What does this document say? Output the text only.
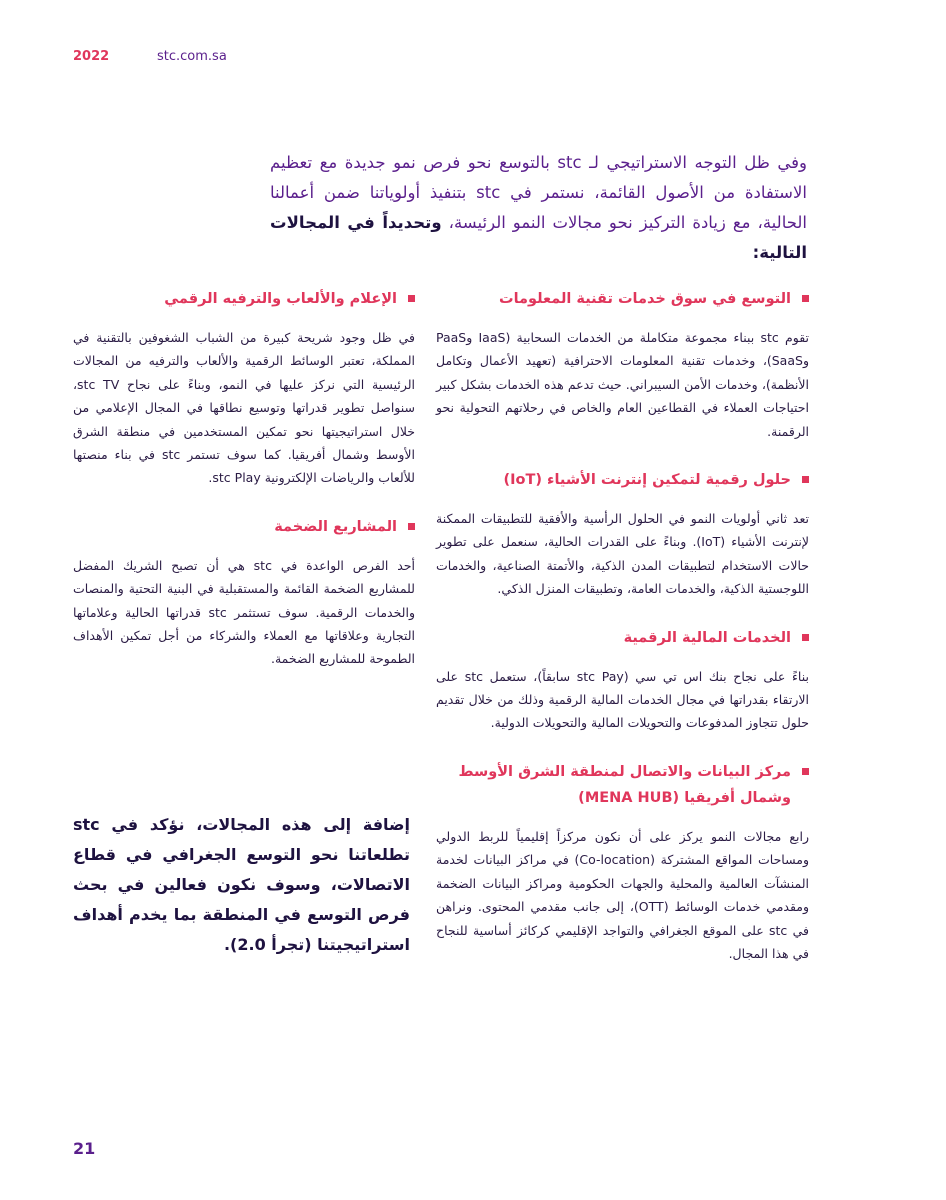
2022	stc.com.sa

وفي ظل التوجه الاستراتيجي لـ stc بالتوسع نحو فرص نمو جديدة مع تعظيم الاستفادة من الأصول القائمة، نستمر في stc بتنفيذ أولوياتنا ضمن أعمالنا الحالية، مع زيادة التركيز نحو مجالات النمو الرئيسة، وتحديداً في المجالات التالية:

التوسع في سوق خدمات تقنية المعلومات

تقوم stc ببناء مجموعة متكاملة من الخدمات السحابية (IaaS وPaaS وSaaS)، وخدمات تقنية المعلومات الاحترافية (تعهيد الأعمال وتكامل الأنظمة)، وخدمات الأمن السيبراني. حيث تدعم هذه الخدمات بشكل كبير احتياجات العملاء في القطاعين العام والخاص في رحلاتهم التحولية نحو الرقمنة.

حلول رقمية لتمكين إنترنت الأشياء (IoT)

تعد ثاني أولويات النمو في الحلول الرأسية والأفقية للتطبيقات الممكنة لإنترنت الأشياء (IoT). وبناءً على القدرات الحالية، سنعمل على تطوير حالات الاستخدام لتطبيقات المدن الذكية، والأتمتة الصناعية، والخدمات اللوجستية الذكية، والخدمات العامة، وتطبيقات المنزل الذكي.

الخدمات المالية الرقمية

بناءً على نجاح بنك اس تي سي (stc Pay سابقاً)، ستعمل stc على الارتقاء بقدراتها في مجال الخدمات المالية الرقمية وذلك من خلال تقديم حلول تتجاوز المدفوعات والتحويلات المالية والتحويلات الدولية.

مركز البيانات والاتصال لمنطقة الشرق الأوسط وشمال أفريقيا (MENA HUB)

رابع مجالات النمو يركز على أن نكون مركزاً إقليمياً للربط الدولي ومساحات المواقع المشتركة (Co-location) في مراكز البيانات لخدمة المنشآت العالمية والمحلية والجهات الحكومية ومراكز البيانات الضخمة ومقدمي خدمات الوسائط (OTT)، إلى جانب مقدمي المحتوى. ونراهن في stc على الموقع الجغرافي والتواجد الإقليمي كركائز أساسية للنجاح في هذا المجال.

الإعلام والألعاب والترفيه الرقمي

في ظل وجود شريحة كبيرة من الشباب الشغوفين بالتقنية في المملكة، تعتبر الوسائط الرقمية والألعاب والترفيه من المجالات الرئيسية التي نركز عليها في النمو، وبناءً على نجاح stc TV، سنواصل تطوير قدراتها وتوسيع نطاقها في المجال الإعلامي من خلال استراتيجيتها نحو تمكين المستخدمين في منطقة الشرق الأوسط وشمال أفريقيا. كما سوف تستمر stc في بناء منصتها للألعاب والرياضات الإلكترونية stc Play.

المشاريع الضخمة

أحد الفرص الواعدة في stc هي أن تصبح الشريك المفضل للمشاريع الضخمة القائمة والمستقبلية في البنية التحتية والمنصات والخدمات الرقمية. سوف تستثمر stc قدراتها الحالية وعلاماتها التجارية وعلاقاتها مع العملاء والشركاء من أجل تمكين الأهداف الطموحة للمشاريع الضخمة.

إضافة إلى هذه المجالات، نؤكد في stc تطلعاتنا نحو التوسع الجغرافي في قطاع الاتصالات، وسوف نكون فعالين في بحث فرص التوسع في المنطقة بما يخدم أهداف استراتيجيتنا (تجرأ 2.0).

21
